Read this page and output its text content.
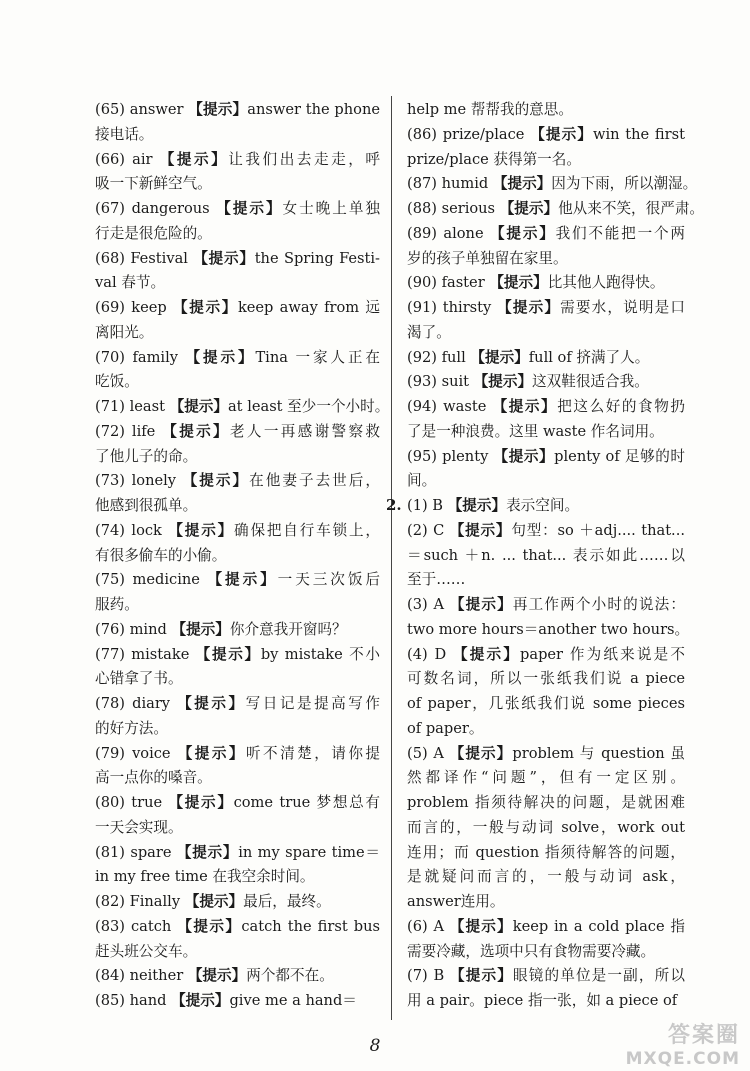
(65) answer 【提示】answer the phone
接电话。
(66) air 【提示】让我们出去走走，呼
吸一下新鲜空气。
(67) dangerous 【提示】女士晚上单独
行走是很危险的。
(68) Festival 【提示】the Spring Festi-
val 春节。
(69) keep 【提示】keep away from 远
离阳光。
(70) family 【提示】Tina 一家人正在
吃饭。
(71) least 【提示】at least 至少一个小时。
(72) life 【提示】老人一再感谢警察救
了他儿子的命。
(73) lonely 【提示】在他妻子去世后，
他感到很孤单。
(74) lock 【提示】确保把自行车锁上，
有很多偷车的小偷。
(75) medicine 【提示】一天三次饭后
服药。
(76) mind 【提示】你介意我开窗吗？
(77) mistake 【提示】by mistake 不小
心错拿了书。
(78) diary 【提示】写日记是提高写作
的好方法。
(79) voice 【提示】听不清楚，请你提
高一点你的嗓音。
(80) true 【提示】come true 梦想总有
一天会实现。
(81) spare 【提示】in my spare time＝
in my free time 在我空余时间。
(82) Finally 【提示】最后，最终。
(83) catch 【提示】catch the first bus
赶头班公交车。
(84) neither 【提示】两个都不在。
(85) hand 【提示】give me a hand＝
2.
help me 帮帮我的意思。
(86) prize/place 【提示】win the first
prize/place 获得第一名。
(87) humid 【提示】因为下雨，所以潮湿。
(88) serious 【提示】他从来不笑，很严肃。
(89) alone 【提示】我们不能把一个两
岁的孩子单独留在家里。
(90) faster 【提示】比其他人跑得快。
(91) thirsty 【提示】需要水，说明是口
渴了。
(92) full 【提示】full of 挤满了人。
(93) suit 【提示】这双鞋很适合我。
(94) waste 【提示】把这么好的食物扔
了是一种浪费。这里 waste 作名词用。
(95) plenty 【提示】plenty of 足够的时
间。
(1) B 【提示】表示空间。
(2) C 【提示】句型：so ＋adj.... that...
＝such ＋n. ... that... 表示如此……以
至于……
(3) A 【提示】再工作两个小时的说法：
two more hours＝another two hours。
(4) D 【提示】paper 作为纸来说是不
可数名词，所以一张纸我们说 a piece
of paper，几张纸我们说 some pieces
of paper。
(5) A 【提示】problem 与 question 虽
然都译作“问题”，但有一定区别。
problem 指须待解决的问题，是就困难
而言的，一般与动词 solve，work out
连用；而 question 指须待解答的问题，
是就疑问而言的，一般与动词 ask，
answer连用。
(6) A 【提示】keep in a cold place 指
需要冷藏，选项中只有食物需要冷藏。
(7) B 【提示】眼镜的单位是一副，所以
用 a pair。piece 指一张，如 a piece of
8	答案圈
MXQE.COM
